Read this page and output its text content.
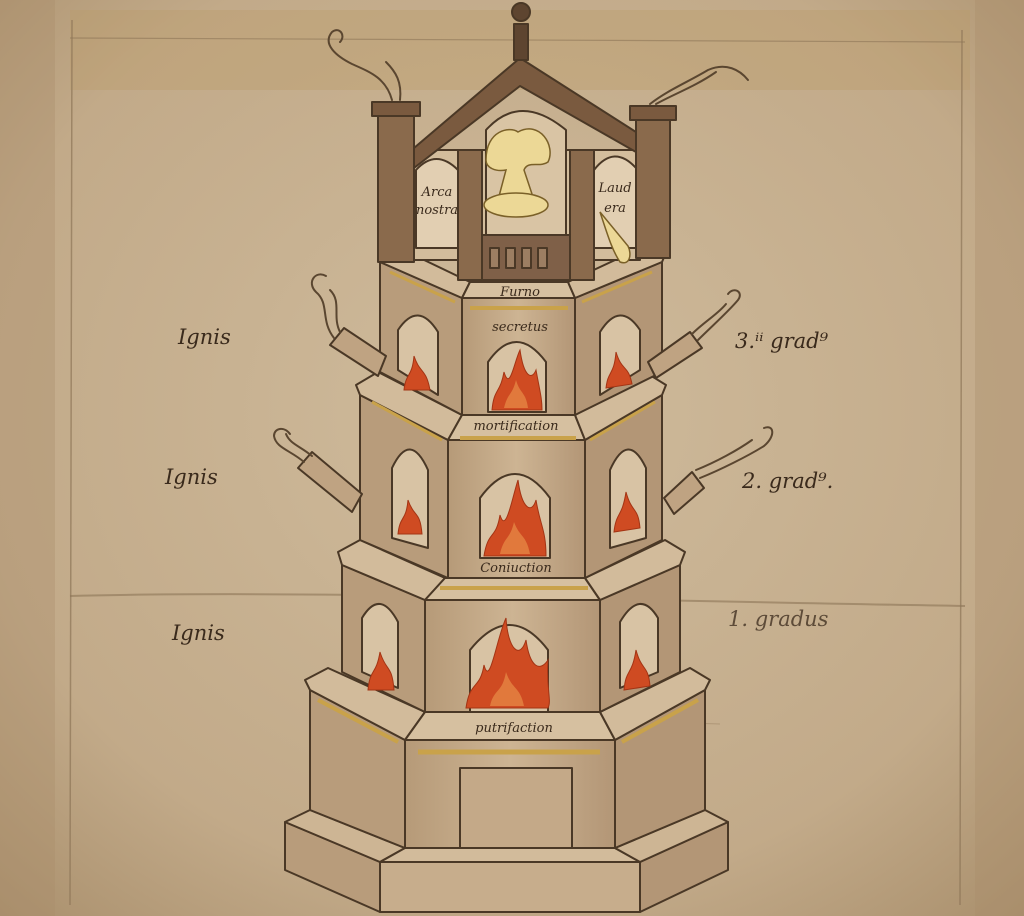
Ignis
Ignis
Ignis
3.ⁱⁱ grad⁹
2. grad⁹.
1. gradus
Furno
secretus
mortification
Coniuction
putrifaction
Arca
nostra
Laud
era
